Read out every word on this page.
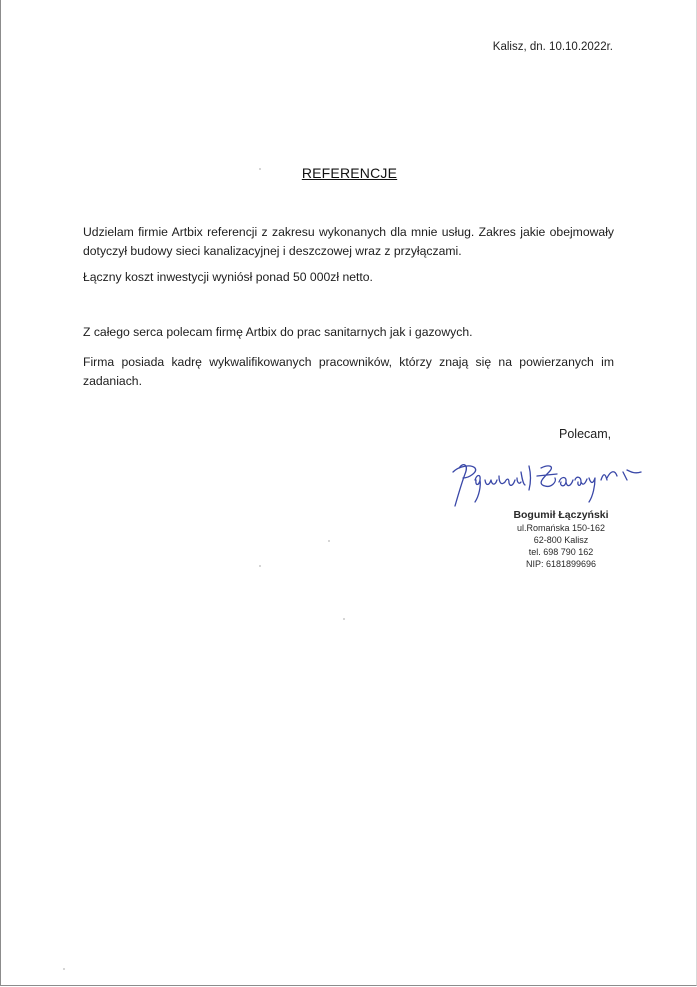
Kalisz, dn. 10.10.2022r.
REFERENCJE

Udzielam firmie Artbix referencji z zakresu wykonanych dla mnie usług. Zakres jakie obejmowały dotyczył budowy sieci kanalizacyjnej i deszczowej wraz z przyłączami.

Łączny koszt inwestycji wyniósł ponad 50 000zł netto.

Z całego serca polecam firmę Artbix do prac sanitarnych jak i gazowych.

Firma posiada kadrę wykwalifikowanych pracowników, którzy znają się na powierzanych im zadaniach.

Polecam,
Bogumił Łączyński
ul.Romańska 150-162
62-800 Kalisz
tel. 698 790 162
NIP: 6181899696
